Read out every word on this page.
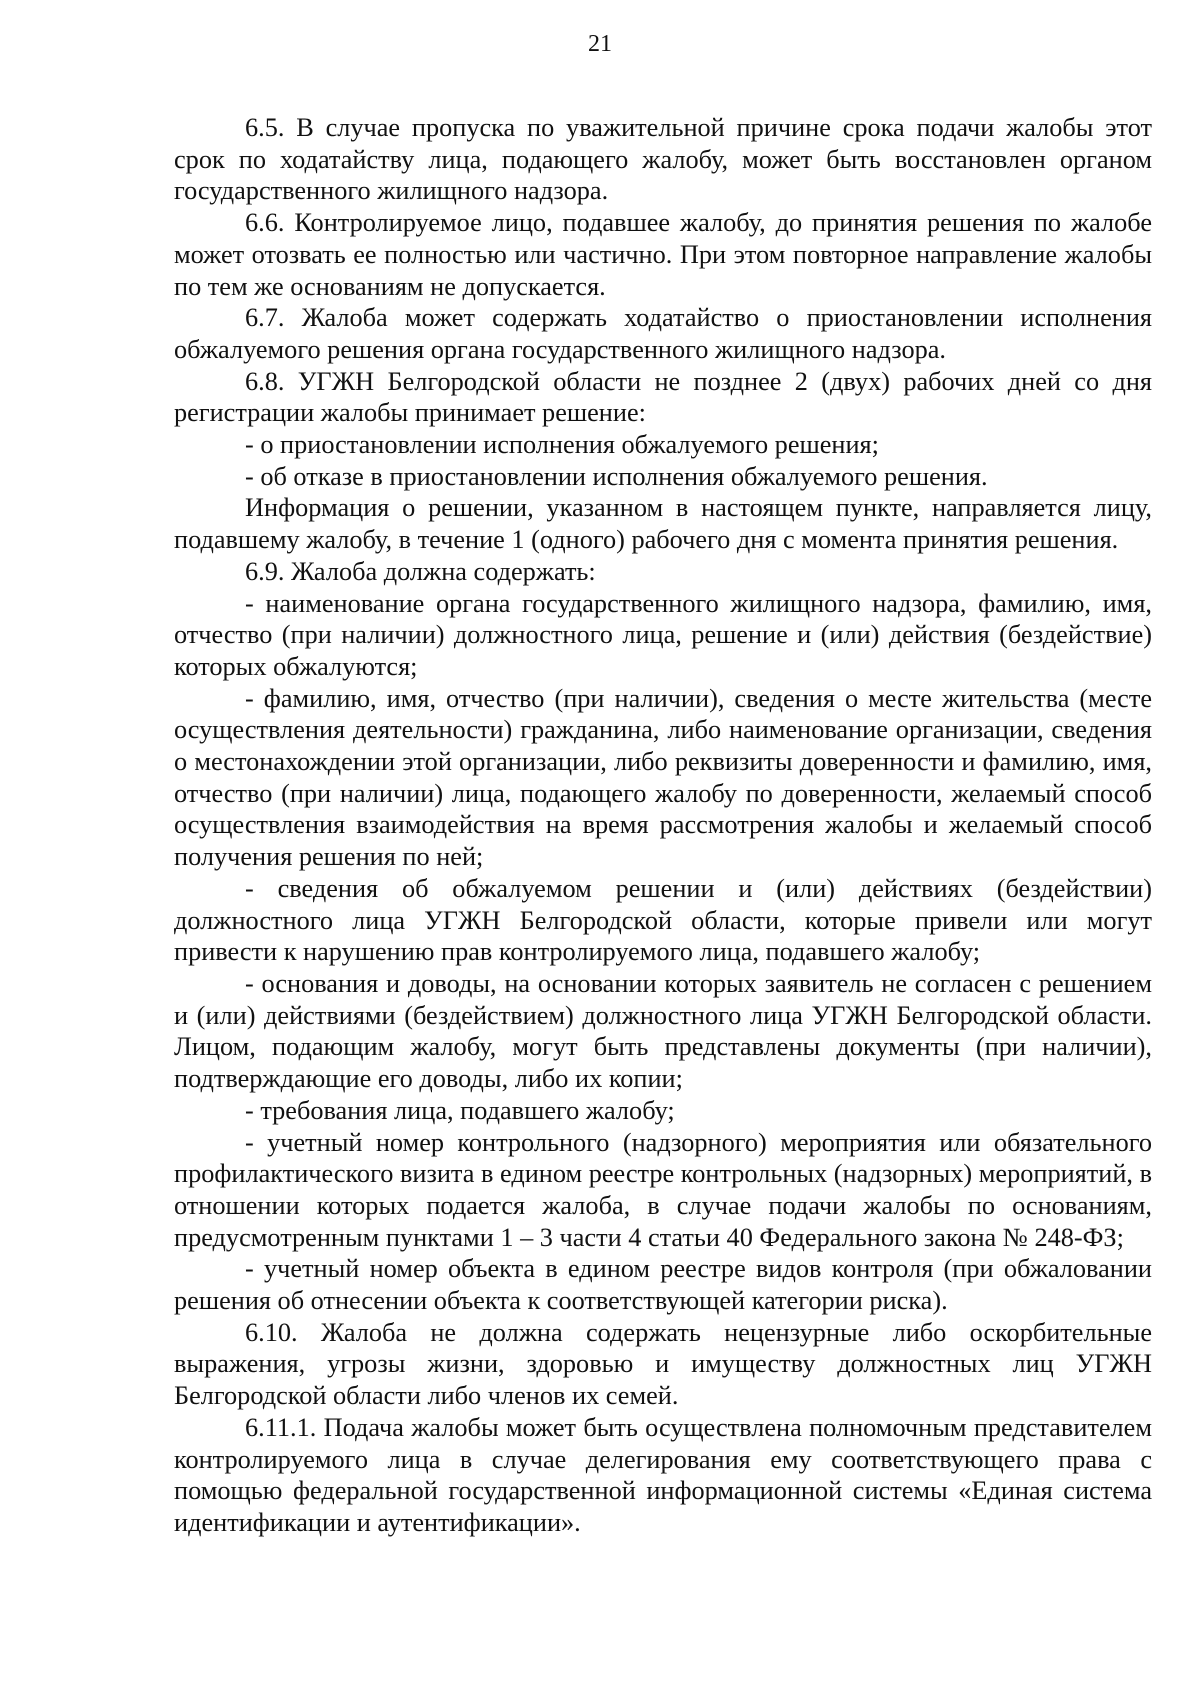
21

6.5. В случае пропуска по уважительной причине срока подачи жалобы этот срок по ходатайству лица, подающего жалобу, может быть восстановлен органом государственного жилищного надзора.

6.6. Контролируемое лицо, подавшее жалобу, до принятия решения по жалобе может отозвать ее полностью или частично. При этом повторное направление жалобы по тем же основаниям не допускается.

6.7. Жалоба может содержать ходатайство о приостановлении исполнения обжалуемого решения органа государственного жилищного надзора.

6.8. УГЖН Белгородской области не позднее 2 (двух) рабочих дней со дня регистрации жалобы принимает решение:

- о приостановлении исполнения обжалуемого решения;

- об отказе в приостановлении исполнения обжалуемого решения.

Информация о решении, указанном в настоящем пункте, направляется лицу, подавшему жалобу, в течение 1 (одного) рабочего дня с момента принятия решения.

6.9. Жалоба должна содержать:

- наименование органа государственного жилищного надзора, фамилию, имя, отчество (при наличии) должностного лица, решение и (или) действия (бездействие) которых обжалуются;

- фамилию, имя, отчество (при наличии), сведения о месте жительства (месте осуществления деятельности) гражданина, либо наименование организации, сведения о местонахождении этой организации, либо реквизиты доверенности и фамилию, имя, отчество (при наличии) лица, подающего жалобу по доверенности, желаемый способ осуществления взаимодействия на время рассмотрения жалобы и желаемый способ получения решения по ней;

- сведения об обжалуемом решении и (или) действиях (бездействии) должностного лица УГЖН Белгородской области, которые привели или могут привести к нарушению прав контролируемого лица, подавшего жалобу;

- основания и доводы, на основании которых заявитель не согласен с решением и (или) действиями (бездействием) должностного лица УГЖН Белгородской области. Лицом, подающим жалобу, могут быть представлены документы (при наличии), подтверждающие его доводы, либо их копии;

- требования лица, подавшего жалобу;

- учетный номер контрольного (надзорного) мероприятия или обязательного профилактического визита в едином реестре контрольных (надзорных) мероприятий, в отношении которых подается жалоба, в случае подачи жалобы по основаниям, предусмотренным пунктами 1 – 3 части 4 статьи 40 Федерального закона № 248-ФЗ;

- учетный номер объекта в едином реестре видов контроля (при обжаловании решения об отнесении объекта к соответствующей категории риска).

6.10. Жалоба не должна содержать нецензурные либо оскорбительные выражения, угрозы жизни, здоровью и имуществу должностных лиц УГЖН Белгородской области либо членов их семей.

6.11.1. Подача жалобы может быть осуществлена полномочным представителем контролируемого лица в случае делегирования ему соответствующего права с помощью федеральной государственной информационной системы «Единая система идентификации и аутентификации».
